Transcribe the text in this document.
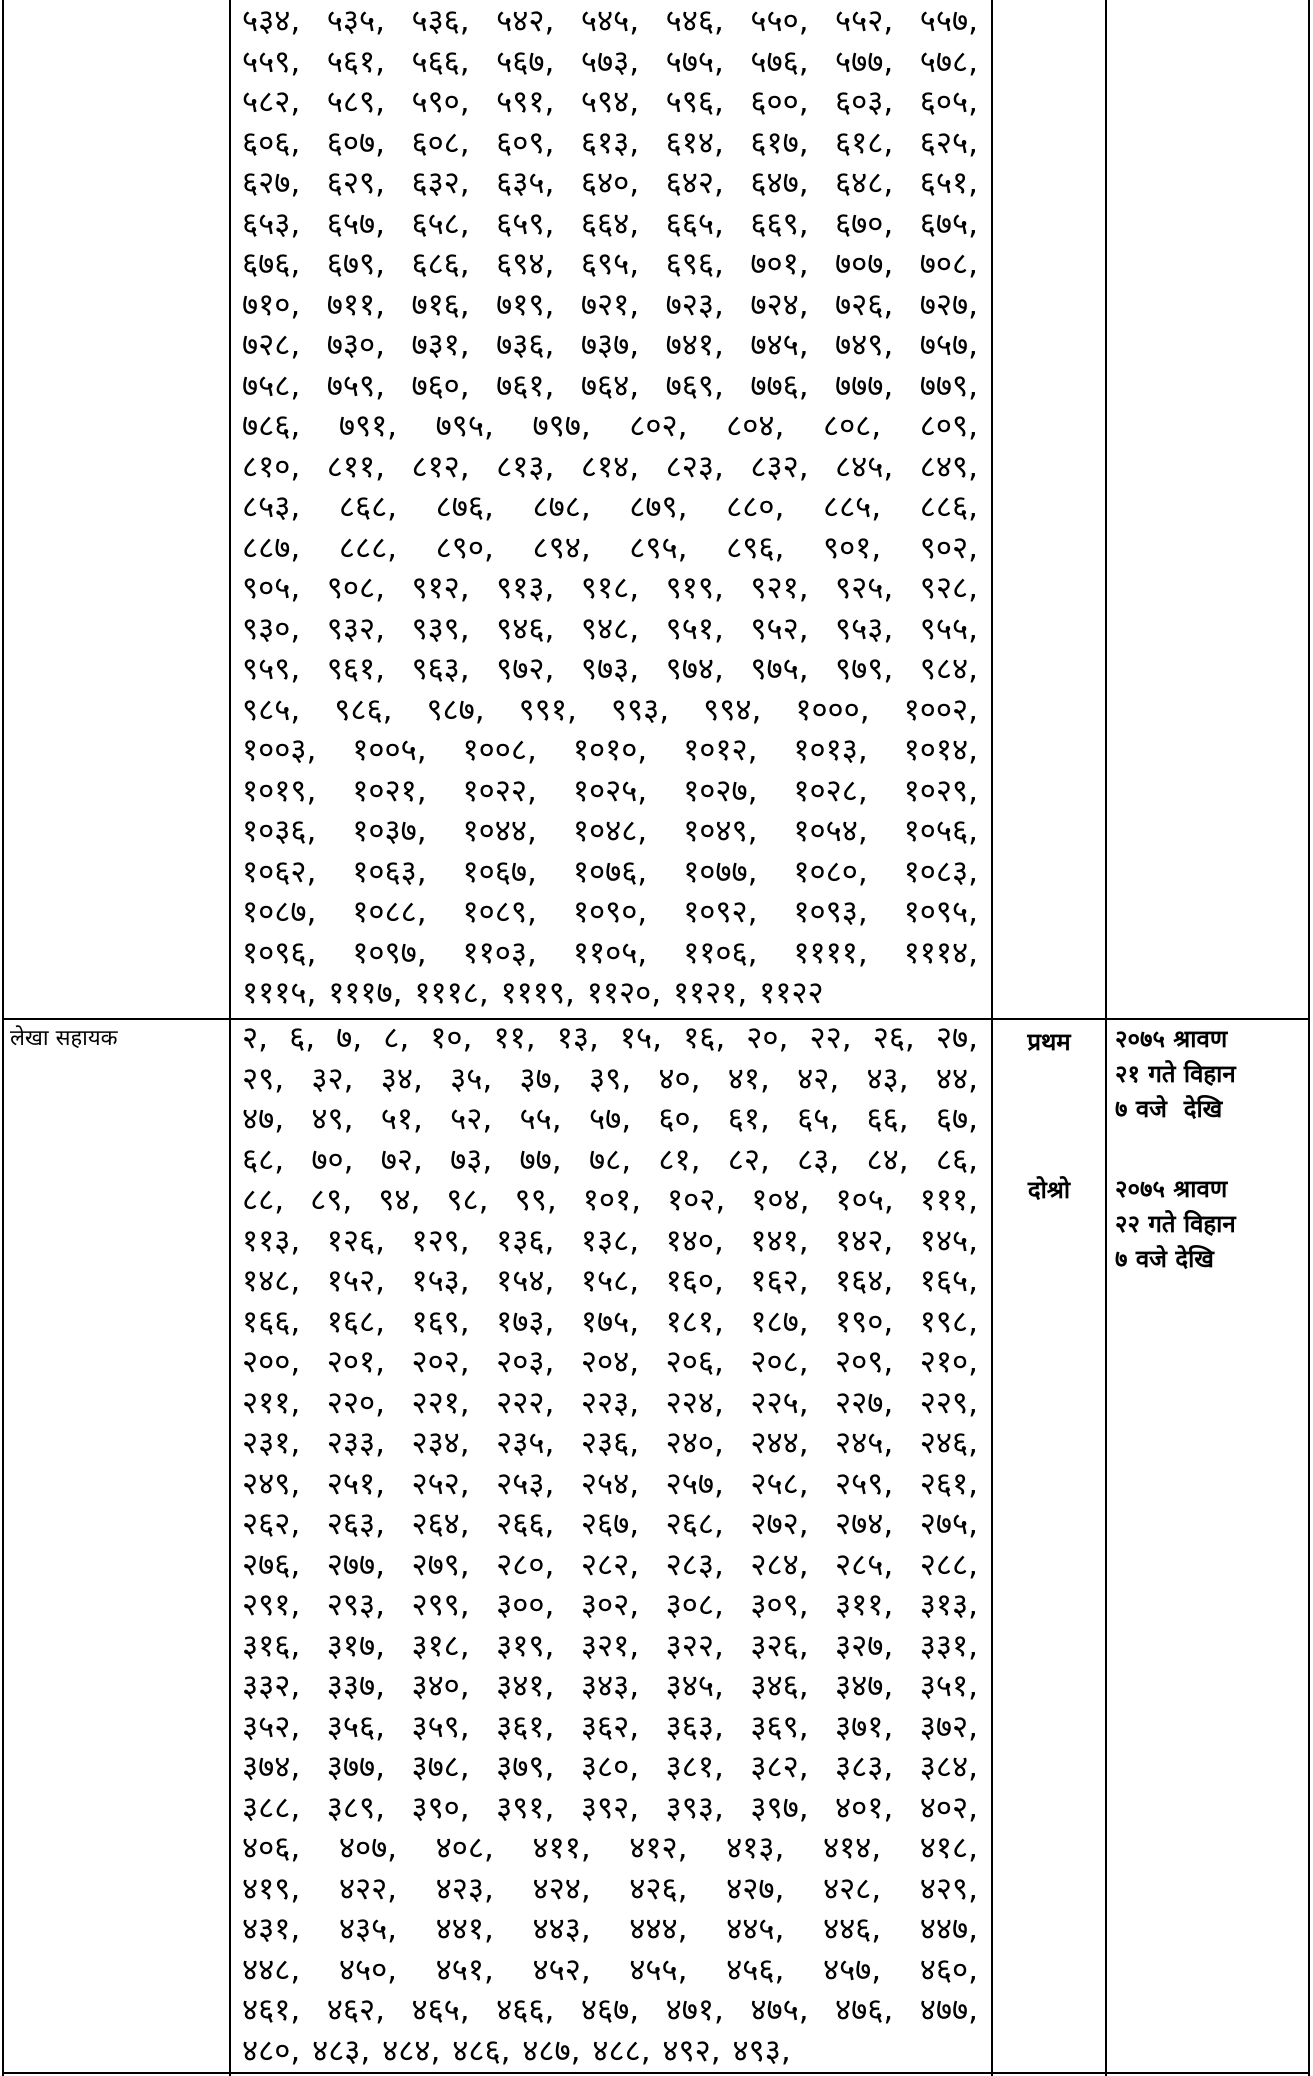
५३४, ५३५, ५३६, ५४२, ५४५, ५४६, ५५०, ५५२, ५५७,
५५९, ५६१, ५६६, ५६७, ५७३, ५७५, ५७६, ५७७, ५७८,
५८२, ५८९, ५९०, ५९१, ५९४, ५९६, ६००, ६०३, ६०५,
६०६, ६०७, ६०८, ६०९, ६१३, ६१४, ६१७, ६१८, ६२५,
६२७, ६२९, ६३२, ६३५, ६४०, ६४२, ६४७, ६४८, ६५१,
६५३, ६५७, ६५८, ६५९, ६६४, ६६५, ६६९, ६७०, ६७५,
६७६, ६७९, ६८६, ६९४, ६९५, ६९६, ७०१, ७०७, ७०८,
७१०, ७११, ७१६, ७१९, ७२१, ७२३, ७२४, ७२६, ७२७,
७२८, ७३०, ७३१, ७३६, ७३७, ७४१, ७४५, ७४९, ७५७,
७५८, ७५९, ७६०, ७६१, ७६४, ७६९, ७७६, ७७७, ७७९,
७८६, ७९१, ७९५, ७९७, ८०२, ८०४, ८०८, ८०९,
८१०, ८११, ८१२, ८१३, ८१४, ८२३, ८३२, ८४५, ८४९,
८५३, ८६८, ८७६, ८७८, ८७९, ८८०, ८८५, ८८६,
८८७, ८८८, ८९०, ८९४, ८९५, ८९६, ९०१, ९०२,
९०५, ९०८, ९१२, ९१३, ९१८, ९१९, ९२१, ९२५, ९२८,
९३०, ९३२, ९३९, ९४६, ९४८, ९५१, ९५२, ९५३, ९५५,
९५९, ९६१, ९६३, ९७२, ९७३, ९७४, ९७५, ९७९, ९८४,
९८५, ९८६, ९८७, ९९१, ९९३, ९९४, १०००, १००२,
१००३, १००५, १००८, १०१०, १०१२, १०१३, १०१४,
१०१९, १०२१, १०२२, १०२५, १०२७, १०२८, १०२९,
१०३६, १०३७, १०४४, १०४८, १०४९, १०५४, १०५६,
१०६२, १०६३, १०६७, १०७६, १०७७, १०८०, १०८३,
१०८७, १०८८, १०८९, १०९०, १०९२, १०९३, १०९५,
१०९६, १०९७, ११०३, ११०५, ११०६, ११११, १११४,
१११५, १११७, १११८, १११९, ११२०, ११२१, ११२२
लेखा सहायक	२, ६, ७, ८, १०, ११, १३, १५, १६, २०, २२, २६, २७,
२९, ३२, ३४, ३५, ३७, ३९, ४०, ४१, ४२, ४३, ४४,
४७, ४९, ५१, ५२, ५५, ५७, ६०, ६१, ६५, ६६, ६७,
६८, ७०, ७२, ७३, ७७, ७८, ८१, ८२, ८३, ८४, ८६,
८८, ८९, ९४, ९८, ९९, १०१, १०२, १०४, १०५, १११,
११३, १२६, १२९, १३६, १३८, १४०, १४१, १४२, १४५,
१४८, १५२, १५३, १५४, १५८, १६०, १६२, १६४, १६५,
१६६, १६८, १६९, १७३, १७५, १८१, १८७, १९०, १९८,
२००, २०१, २०२, २०३, २०४, २०६, २०८, २०९, २१०,
२११, २२०, २२१, २२२, २२३, २२४, २२५, २२७, २२९,
२३१, २३३, २३४, २३५, २३६, २४०, २४४, २४५, २४६,
२४९, २५१, २५२, २५३, २५४, २५७, २५८, २५९, २६१,
२६२, २६३, २६४, २६६, २६७, २६८, २७२, २७४, २७५,
२७६, २७७, २७९, २८०, २८२, २८३, २८४, २८५, २८८,
२९१, २९३, २९९, ३००, ३०२, ३०८, ३०९, ३११, ३१३,
३१६, ३१७, ३१८, ३१९, ३२१, ३२२, ३२६, ३२७, ३३१,
३३२, ३३७, ३४०, ३४१, ३४३, ३४५, ३४६, ३४७, ३५१,
३५२, ३५६, ३५९, ३६१, ३६२, ३६३, ३६९, ३७१, ३७२,
३७४, ३७७, ३७८, ३७९, ३८०, ३८१, ३८२, ३८३, ३८४,
३८८, ३८९, ३९०, ३९१, ३९२, ३९३, ३९७, ४०१, ४०२,
४०६, ४०७, ४०८, ४११, ४१२, ४१३, ४१४, ४१८,
४१९, ४२२, ४२३, ४२४, ४२६, ४२७, ४२८, ४२९,
४३१, ४३५, ४४१, ४४३, ४४४, ४४५, ४४६, ४४७,
४४८, ४५०, ४५१, ४५२, ४५५, ४५६, ४५७, ४६०,
४६१, ४६२, ४६५, ४६६, ४६७, ४७१, ४७५, ४७६, ४७७,
४८०, ४८३, ४८४, ४८६, ४८७, ४८८, ४९२, ४९३,
प्रथम
दोश्रो
२०७५ श्रावण
२१ गते विहान
७ वजे  देखि
२०७५ श्रावण
२२ गते विहान
७ वजे देखि
